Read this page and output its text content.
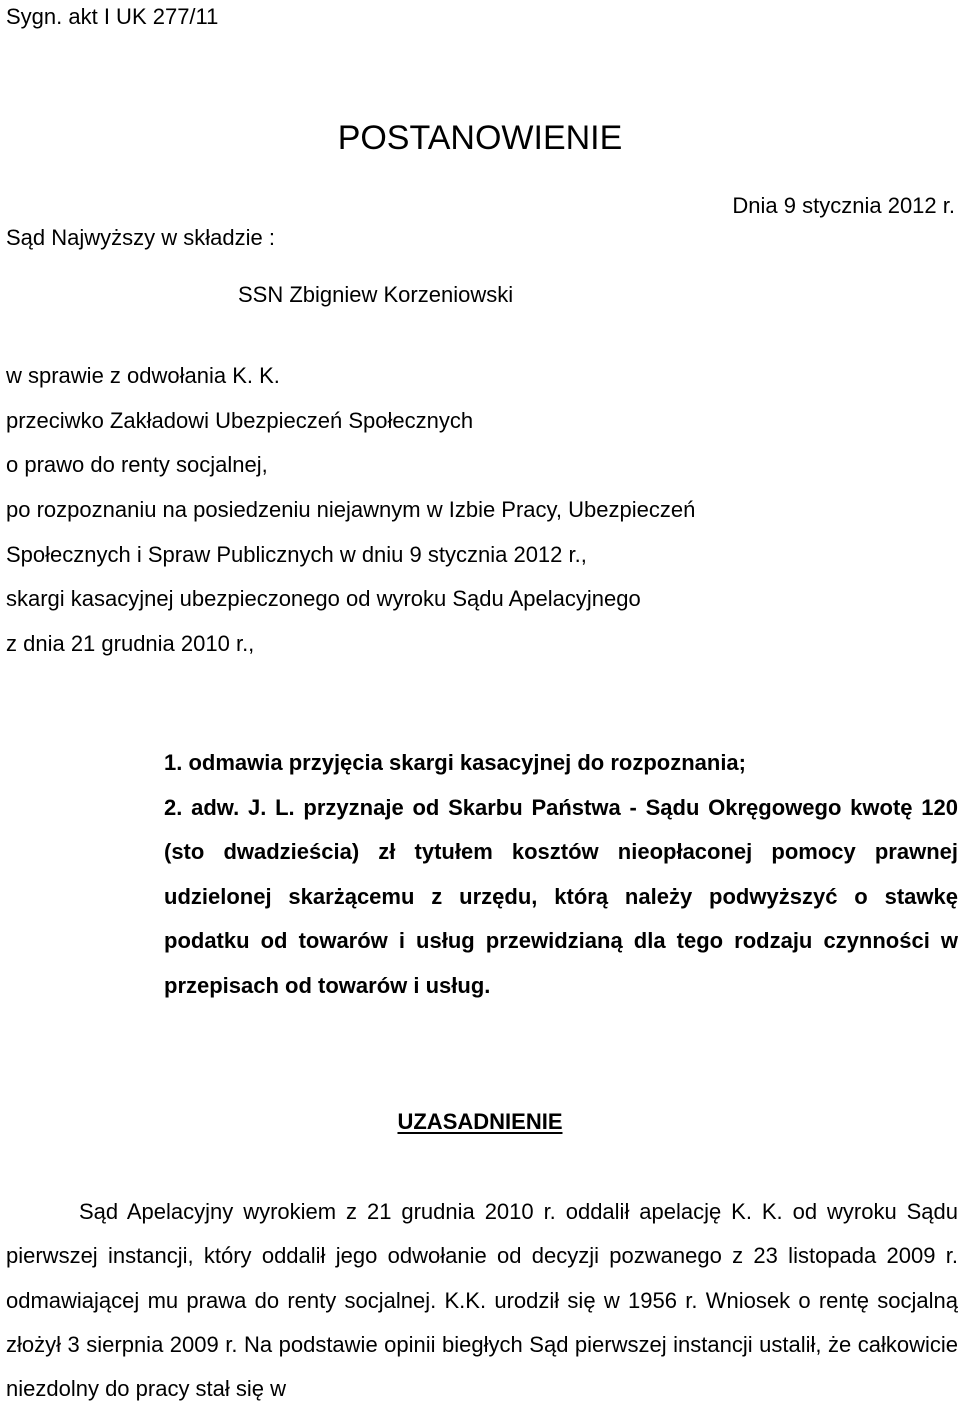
Sygn. akt I UK 277/11
POSTANOWIENIE
Dnia 9 stycznia 2012 r.
Sąd Najwyższy w składzie :
SSN Zbigniew Korzeniowski
w sprawie z odwołania K. K.
przeciwko Zakładowi Ubezpieczeń Społecznych
o prawo do renty socjalnej,
po rozpoznaniu na posiedzeniu niejawnym w Izbie Pracy, Ubezpieczeń
Społecznych i Spraw Publicznych w dniu 9 stycznia 2012 r.,
skargi kasacyjnej ubezpieczonego od wyroku Sądu Apelacyjnego
z dnia 21 grudnia 2010 r.,
1. odmawia przyjęcia skargi kasacyjnej do rozpoznania;
2. adw. J. L. przyznaje od Skarbu Państwa - Sądu Okręgowego kwotę 120 (sto dwadzieścia) zł tytułem kosztów nieopłaconej pomocy prawnej udzielonej skarżącemu z urzędu, którą należy podwyższyć o stawkę podatku od towarów i usług przewidzianą dla tego rodzaju czynności w przepisach od towarów i usług.
UZASADNIENIE
Sąd Apelacyjny wyrokiem z 21 grudnia 2010 r. oddalił apelację K. K. od wyroku Sądu pierwszej instancji, który oddalił jego odwołanie od decyzji pozwanego z 23 listopada 2009 r. odmawiającej mu prawa do renty socjalnej. K.K. urodził się w 1956 r. Wniosek o rentę socjalną złożył 3 sierpnia 2009 r. Na podstawie opinii biegłych Sąd pierwszej instancji ustalił, że całkowicie niezdolny do pracy stał się w
